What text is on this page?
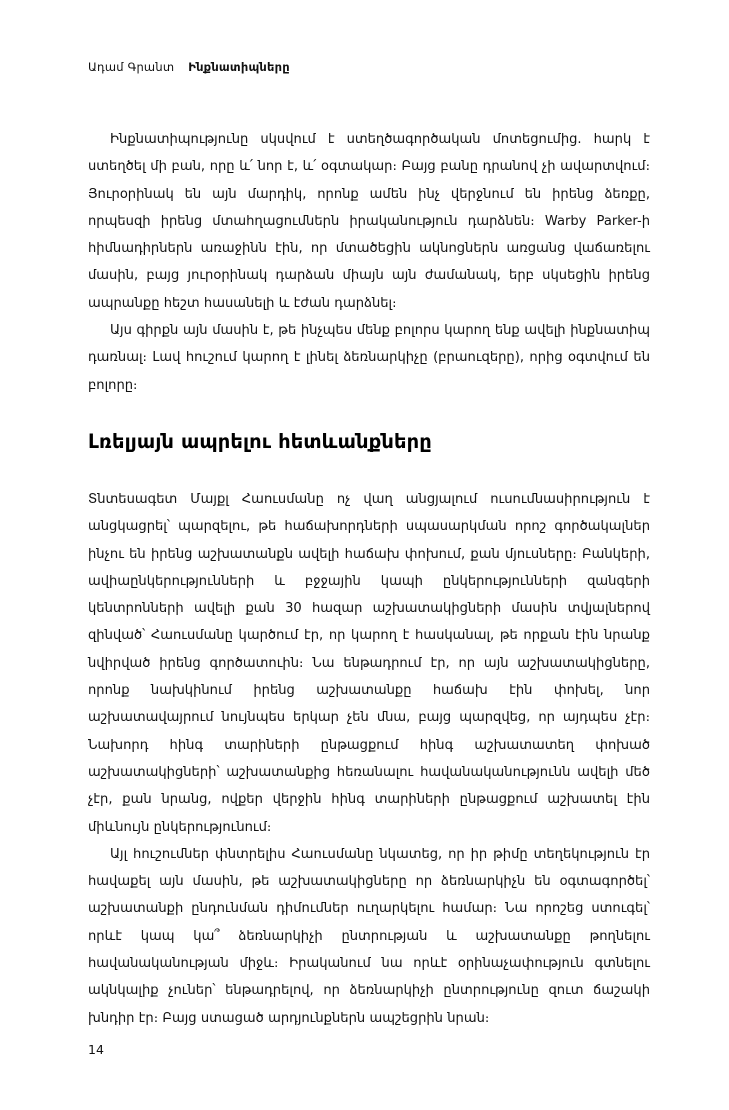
Ադամ Գրանտ Ինքնատիպները

Ինքնատիպությունը սկսվում է ստեղծագործական մոտեցումից. հարկ է ստեղծել մի բան, որը և՛ նոր է, և՛ օգտակար։ Բայց բանը դրանով չի ավարտվում։ Յուրօրինակ են այն մարդիկ, որոնք ամեն ինչ վերջնում են իրենց ձեռքը, որպեսզի իրենց մտահղացումներն իրականություն դարձնեն։ Warby Parker-ի հիմնադիրներն առաջինն էին, որ մտածեցին ակնոցներն առցանց վաճառելու մասին, բայց յուրօրինակ դարձան միայն այն ժամանակ, երբ սկսեցին իրենց ապրանքը հեշտ հասանելի և էժան դարձնել։

Այս գիրքն այն մասին է, թե ինչպես մենք բոլորս կարող ենք ավելի ինքնատիպ դառնալ։ Լավ հուշում կարող է լինել ձեռնարկիչը (բրաուզերը), որից օգտվում են բոլորը։

Լռելյայն ապրելու հետևանքները

Տնտեսագետ Մայքլ Հաուսմանը ոչ վաղ անցյալում ուսումնասիրություն է անցկացրել՝ պարզելու, թե հաճախորդների սպասարկման որոշ գործակալներ ինչու են իրենց աշխատանքն ավելի հաճախ փոխում, քան մյուսները։ Բանկերի, ավիաընկերությունների և բջջային կապի ընկերությունների զանգերի կենտրոնների ավելի քան 30 հազար աշխատակիցների մասին տվյալներով զինված՝ Հաուսմանը կարծում էր, որ կարող է հասկանալ, թե որքան էին նրանք նվիրված իրենց գործատուին։ Նա ենթադրում էր, որ այն աշխատակիցները, որոնք նախկինում իրենց աշխատանքը հաճախ էին փոխել, նոր աշխատավայրում նույնպես երկար չեն մնա, բայց պարզվեց, որ այդպես չէր։ Նախորդ հինգ տարիների ընթացքում հինգ աշխատատեղ փոխած աշխատակիցների՝ աշխատանքից հեռանալու հավանականությունն ավելի մեծ չէր, քան նրանց, ովքեր վերջին հինգ տարիների ընթացքում աշխատել էին միևնույն ընկերությունում։

Այլ հուշումներ փնտրելիս Հաուսմանը նկատեց, որ իր թիմը տեղեկություն էր հավաքել այն մասին, թե աշխատակիցները որ ձեռնարկիչն են օգտագործել՝ աշխատանքի ընդունման դիմումներ ուղարկելու համար։ Նա որոշեց ստուգել՝ որևէ կապ կա՞ ձեռնարկիչի ընտրության և աշխատանքը թողնելու հավանականության միջև։ Իրականում նա որևէ օրինաչափություն գտնելու ակնկալիք չուներ՝ ենթադրելով, որ ձեռնարկիչի ընտրությունը զուտ ճաշակի խնդիր էր։ Բայց ստացած արդյունքներն ապշեցրին նրան։

14
